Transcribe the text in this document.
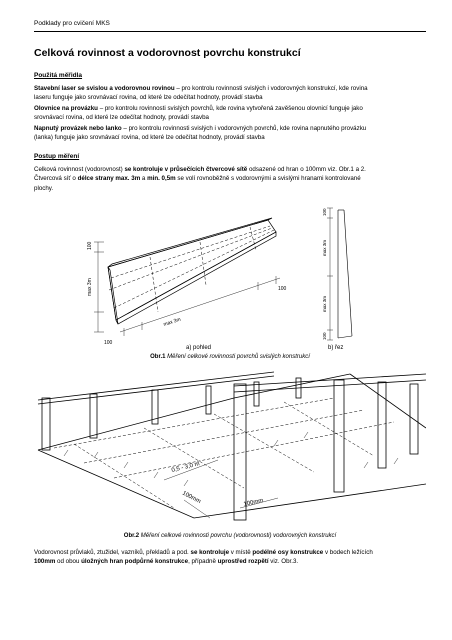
Podklady pro cvičení MKS
Celková rovinnost a vodorovnost povrchu konstrukcí
Použitá měřidla
Stavební laser se svislou a vodorovnou rovinou – pro kontrolu rovinnosti svislých i vodorovných konstrukcí, kde rovina
laseru funguje jako srovnávací rovina, od které lze odečítat hodnoty, provádí stavba
Olovnice na provázku – pro kontrolu rovinnosti svislých povrchů, kde rovina vytvořená zavěšenou olovnicí funguje jako
srovnávací rovina, od které lze odečítat hodnoty, provádí stavba
Napnutý provázek nebo lanko – pro kontrolu rovinnosti svislých i vodorovných povrchů, kde rovina napnutého provázku
(lanka) funguje jako srovnávací rovina, od které lze odečítat hodnoty, provádí stavba
Postup měření
Celková rovinnost (vodorovnost) se kontroluje v průsečících čtvercové sítě odsazené od hran o 100mm viz. Obr.1 a 2.
Čtvercová síť o délce strany max. 3m a min. 0,5m se volí rovnoběžně s vodorovnými a svislými hranami kontrolované
plochy.
100
max 3m
100
max 3m
100
100
max 3m
max 3m
100
a) pohled	b) řez
Obr.1 Měření celkové rovinnosti povrchů svislých konstrukcí
0,5 - 3,0 m
100mm	100mm
Obr.2 Měření celkové rovinnosti povrchu (vodorovnosti) vodorovných konstrukcí
Vodorovnost průvlaků, ztužidel, vazníků, překladů a pod. se kontroluje v místě podélné osy konstrukce v bodech ležících
100mm od obou úložných hran podpůrné konstrukce, případně uprostřed rozpětí viz. Obr.3.
